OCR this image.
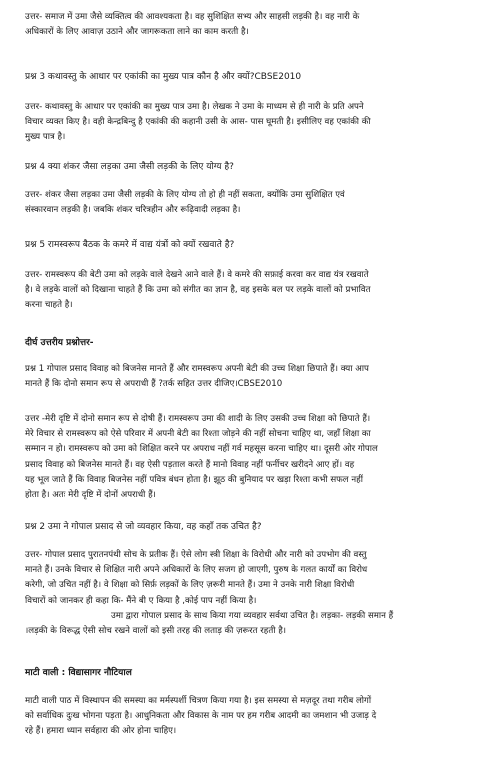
उत्तर- समाज में उमा जैसे व्यक्तित्व की आवश्यकता है। वह सुशिक्षित सभ्य और साहसी लड़की है। वह नारी के
अधिकारों के लिए आवाज़ उठाने और जागरूकता लाने का काम करती है।
प्रश्न 3 कथावस्तु के आधार पर एकांकी का मुख्य पात्र कौन है और क्यों?CBSE2010
उत्तर- कथावस्तु के आधार पर एकांकी का मुख्य पात्र उमा है। लेखक ने उमा के माध्यम से ही नारी के प्रति अपने
विचार व्यक्त किए है। वही केन्द्रबिन्दु है एकांकी की कहानी उसी के आस- पास घूमती है। इसीलिए वह एकांकी की
मुख्य पात्र है।
प्रश्न 4 क्या शंकर जैसा लड़का उमा जैसी लड़की के लिए योग्य है?
उत्तर- शंकर जैसा लड़का उमा जैसी लड़की के लिए योग्य तो हो ही नहीं सकता, क्योंकि उमा सुशिक्षित एवं
संस्कारवान लड़की है। जबकि शंकर चरित्रहीन और रूढ़िवादी लड़का है।
प्रश्न 5 रामस्वरूप बैठक के कमरे में वाद्य यंत्रों को क्यों रखवाते है?
उत्तर- रामस्वरूप की बेटी उमा को लड़के वाले देखने आने वाले हैं। वे कमरे की सफ़ाई करवा कर वाद्य यंत्र रखवाते
है। वे लड़के वालों को दिखाना चाहते हैं कि उमा को संगीत का ज्ञान है, वह इसके बल पर लड़के वालों को प्रभावित
करना चाहते है।
दीर्घ उत्तरीय प्रश्नोत्तर-
प्रश्न 1 गोपाल प्रसाद विवाह को बिजनेस मानते हैं और रामस्वरूप अपनी बेटी की उच्च शिक्षा छिपाते हैं। क्या आप
मानते हैं कि दोनो समान रूप से अपराधी हैं ?तर्क सहित उत्तर दीजिए।CBSE2010
उत्तर -मेरी दृष्टि में दोनो समान रूप से दोषी हैं। रामस्वरूप उमा की शादी के लिए उसकी उच्च शिक्षा को छिपाते हैं।
मेरे विचार से रामस्वरूप को ऐसे परिवार में अपनी बेटी का रिश्ता जोड़ने की नहीं सोचना चाहिए था, जहाँ शिक्षा का
सम्मान न हो। रामस्वरूप को उमा को शिक्षित करने पर अपराध नहीं गर्व महसूस करना चाहिए था। दूसरी ओर गोपाल
प्रसाद विवाह को बिजनेस मानते हैं। वह ऐसी पड़ताल करते हैं मानो विवाह नहीं फर्नीचर खरीदने आए हों। वह
यह भूल जाते हैं कि विवाह बिजनेस नहीं पवित्र बंधन होता है। झूठ की बुनियाद पर खड़ा रिश्ता कभी सफल नहीं
होता है। अतः मेरी दृष्टि में दोनों अपराधी हैं।
प्रश्न 2 उमा ने गोपाल प्रसाद से जो व्यवहार किया, वह कहाँ तक उचित है?
उत्तर- गोपाल प्रसाद पुरातनपंथी सोच के प्रतीक हैं। ऐसे लोग स्त्री शिक्षा के विरोधी और नारी को उपभोग की वस्तु
मानते हैं। उनके विचार से शिक्षित नारी अपने अधिकारों के लिए सजग हो जाएगी, पुरुष के गलत कार्यों का विरोध
करेगी, जो उचित नहीं है। वे शिक्षा को सिर्फ़ लड़कों के लिए ज़रूरी मानते हैं। उमा ने उनके नारी शिक्षा विरोधी
विचारों को जानकर ही कहा कि- मैंने बी ए किया है ,कोई पाप नहीं किया है।
उमा द्वारा गोपाल प्रसाद के साथ किया गया व्यवहार सर्वथा उचित है। लड़का- लड़की समान हैं
।लड़की के विरूद्ध ऐसी सोच रखने वालों को इसी तरह की लताड़ की ज़रूरत रहती है।
माटी वाली : विद्यासागर नौटियाल
माटी वाली पाठ में विस्थापन की समस्या का मर्मस्पर्शी चित्रण किया गया है। इस समस्या से मज़दूर तथा गरीब लोगों
को सर्वाधिक दुःख भोगना पड़ता है। आधुनिकता और विकास के नाम पर हम गरीब आदमी का जमशान भी उजाड़ दे
रहे हैं। हमारा ध्यान सर्वहारा की ओर होना चाहिए।
